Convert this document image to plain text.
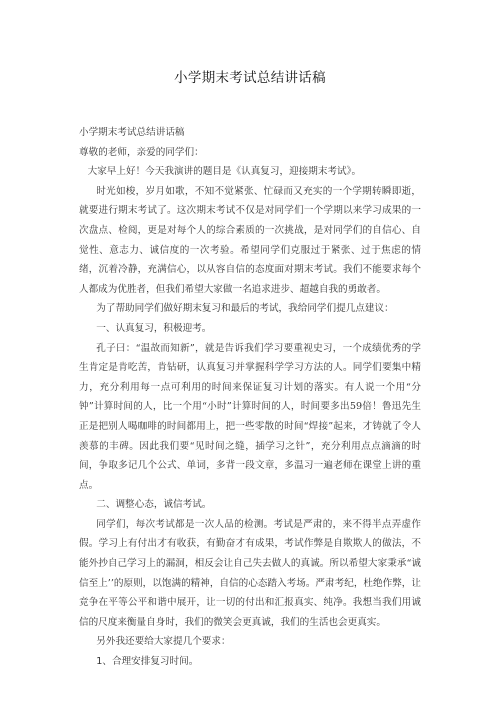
小学期末考试总结讲话稿

小学期末考试总结讲话稿

尊敬的老师，亲爱的同学们：

大家早上好！今天我演讲的题目是《认真复习，迎接期末考试》。

时光如梭，岁月如歌，不知不觉紧张、忙碌而又充实的一个学期转瞬即逝，就要进行期末考试了。这次期末考试不仅是对同学们一个学期以来学习成果的一次盘点、检阅，更是对每个人的综合素质的一次挑战，是对同学们的自信心、自觉性、意志力、诚信度的一次考验。希望同学们克服过于紧张、过于焦虑的情绪，沉着冷静，充满信心，以从容自信的态度面对期末考试。我们不能要求每个人都成为优胜者，但我们希望大家做一名追求进步、超越自我的勇敢者。

为了帮助同学们做好期末复习和最后的考试，我给同学们提几点建议：

一、认真复习，积极迎考。

孔子曰：“温故而知新”，就是告诉我们学习要重视史习，一个成绩优秀的学生肯定是肯吃苦，肯钻研，认真复习并掌握科学学习方法的人。同学们要集中精力，充分利用每一点可利用的时间来保证复习计划的落实。有人说一个用“分钟”计算时间的人，比一个用“小时”计算时间的人，时间要多出59倍！鲁迅先生正是把别人喝咖啡的时间都用上，把一些零散的时间“焊接”起来，才铸就了令人羡慕的丰碑。因此我们要“见时间之缝，插学习之针”，充分利用点点滴滴的时间，争取多记几个公式、单词，多背一段文章，多温习一遍老师在课堂上讲的重点。

二、调整心态，诚信考试。

同学们，每次考试都是一次人品的检测。考试是严肃的，来不得半点弄虚作假。学习上有付出才有收获，有勤奋才有成果，考试作弊是自欺欺人的做法，不能外抄自己学习上的漏洞，相反会让自己失去做人的真诚。所以希望大家秉承“诚信至上’’的原则，以饱满的精神，自信的心态踏入考场。严肃考纪，杜绝作弊，让竞争在平等公平和谐中展开，让一切的付出和汇报真实、纯净。我想当我们用诚信的尺度来衡量自身时，我们的微笑会更真诚，我们的生活也会更真实。

另外我还要给大家提几个要求：

1、合理安排复习时间。
